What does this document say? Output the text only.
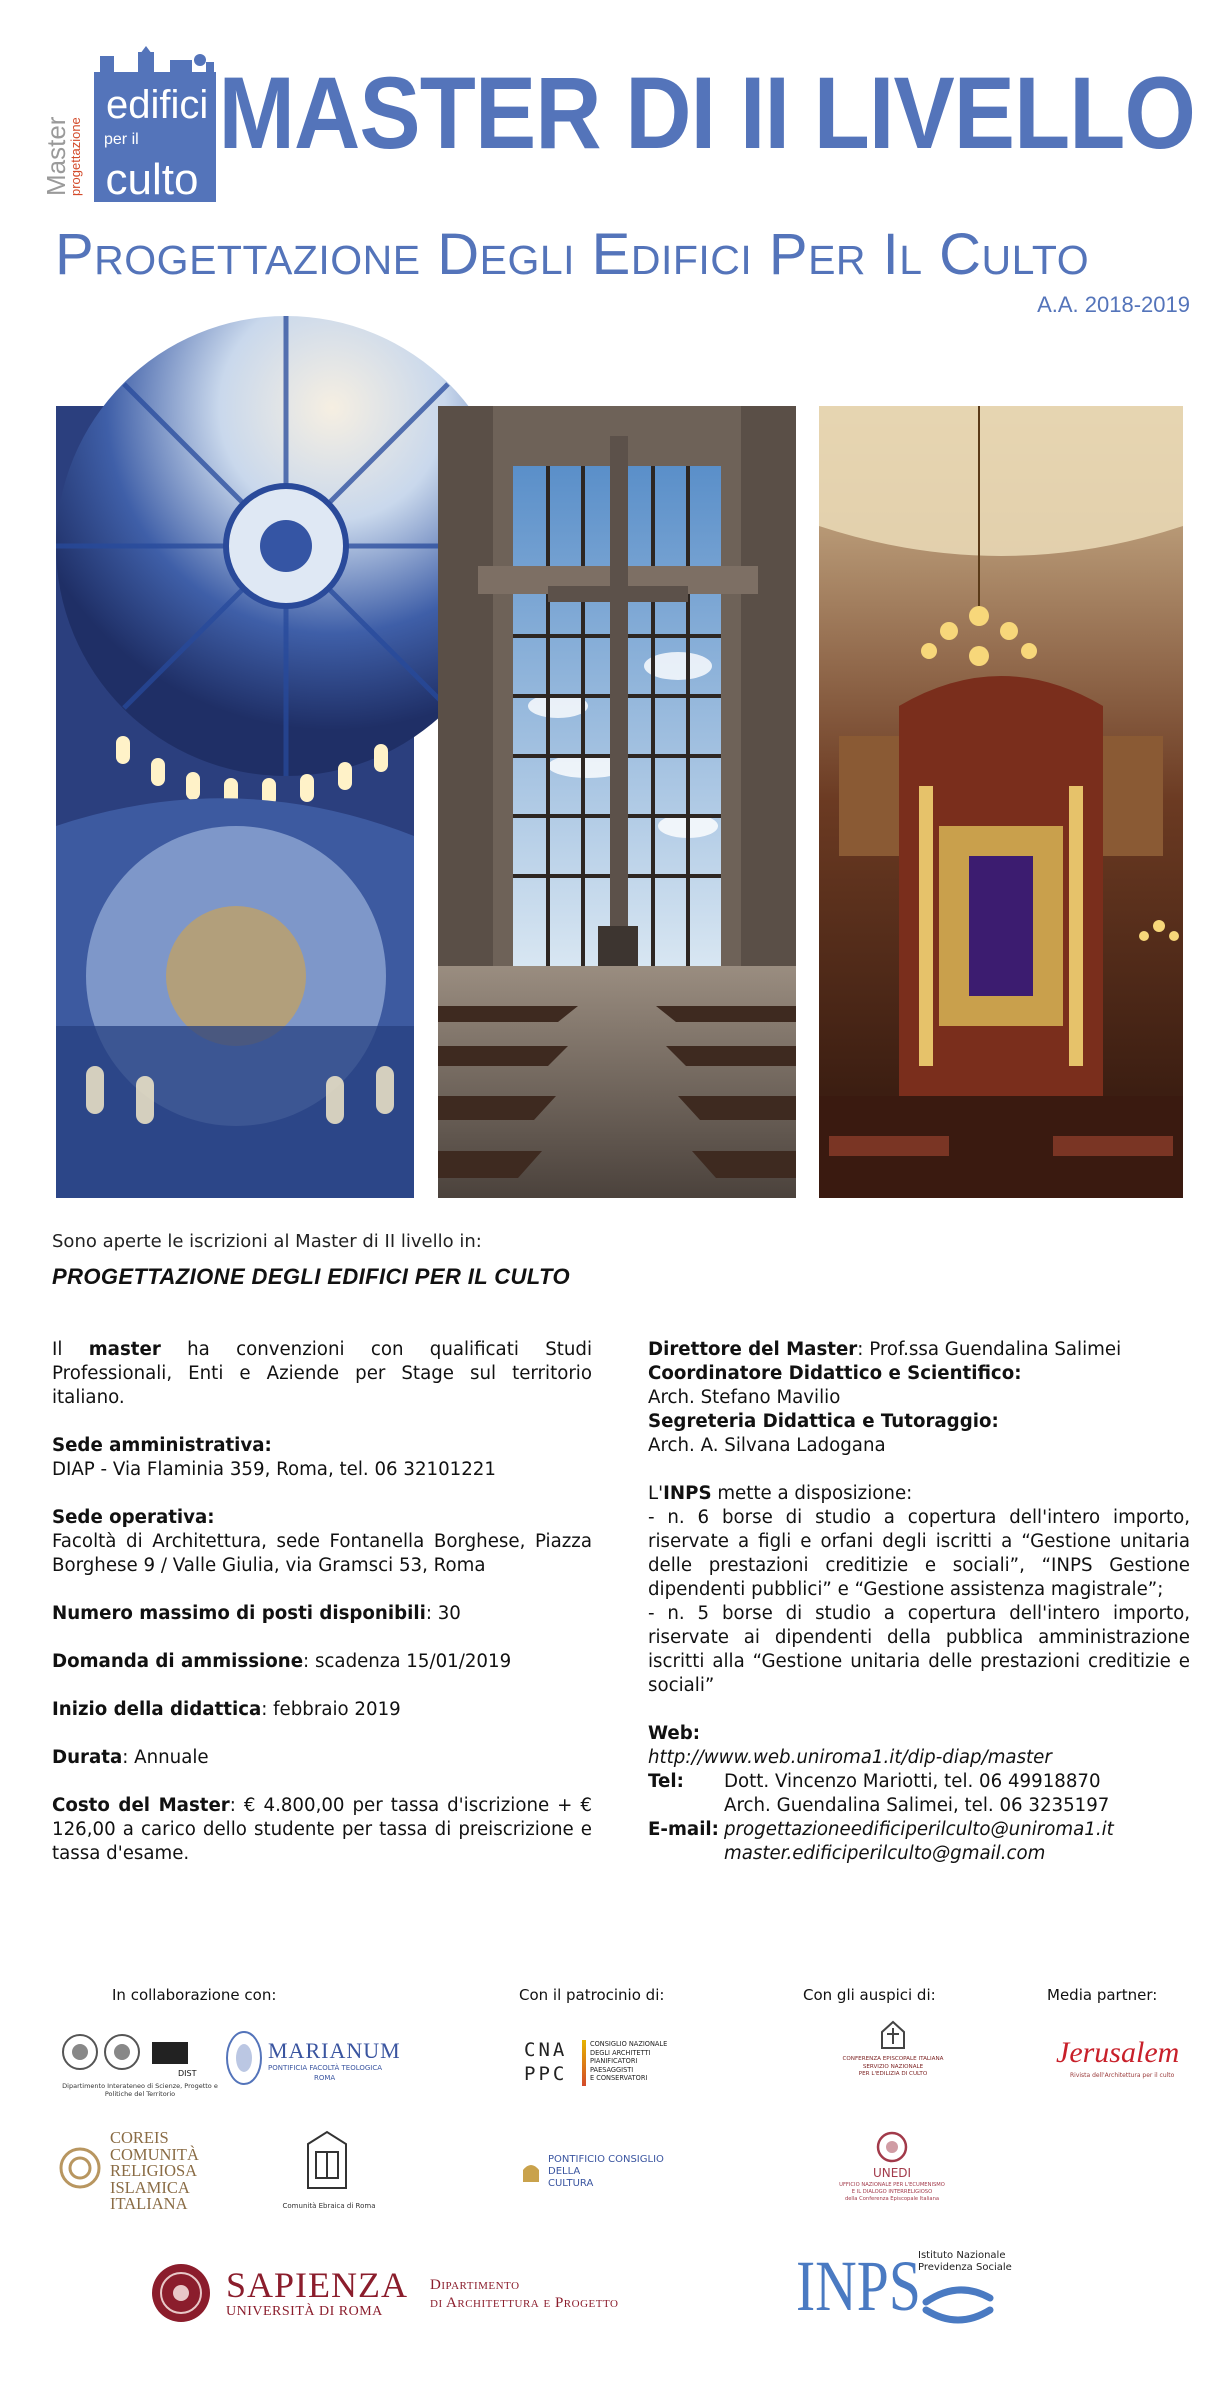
Master
progettazione
edifici
per il
culto
MASTER DI II LIVELLO
Progettazione Degli Edifici Per Il Culto
A.A. 2018-2019
Sono aperte le iscrizioni al Master di II livello in:
PROGETTAZIONE DEGLI EDIFICI PER IL CULTO

Il master ha convenzioni con qualificati Studi Professionali, Enti e Aziende per Stage sul territorio italiano.

Sede amministrativa:
DIAP - Via Flaminia 359, Roma, tel. 06 32101221

Sede operativa:

Facoltà di Architettura, sede Fontanella Borghese, Piazza Borghese 9 / Valle Giulia, via Gramsci 53, Roma

Numero massimo di posti disponibili: 30

Domanda di ammissione: scadenza 15/01/2019

Inizio della didattica: febbraio 2019

Durata: Annuale

Costo del Master: € 4.800,00 per tassa d'iscrizione + € 126,00 a carico dello studente per tassa di preiscrizione e tassa d'esame.

Direttore del Master: Prof.ssa Guendalina Salimei

Coordinatore Didattico e Scientifico:
Arch. Stefano Mavilio

Segreteria Didattica e Tutoraggio:
Arch. A. Silvana Ladogana

L'INPS mette a disposizione:

- n. 6 borse di studio a copertura dell'intero importo, riservate a figli e orfani degli iscritti a “Gestione unitaria delle prestazioni creditizie e sociali”, “INPS Gestione dipendenti pubblici” e “Gestione assistenza magistrale”;

- n. 5 borse di studio a copertura dell'intero importo, riservate ai dipendenti della pubblica amministrazione iscritti alla “Gestione unitaria delle prestazioni creditizie e sociali”

Web:

http://www.web.uniroma1.it/dip-diap/master

Tel:	Dott. Vincenzo Mariotti, tel. 06 49918870
Arch. Guendalina Salimei, tel. 06 3235197
E-mail: progettazioneedificiperilculto@uniroma1.it
master.edificiperilculto@gmail.com
In collaborazione con:	Con il patrocinio di:	Con gli auspici di:	Media partner:
DIST
Dipartimento Interateneo di Scienze, Progetto e Politiche del Territorio
MARIANUM
PONTIFICIA FACOLTÀ TEOLOGICA
ROMA
CNA
PPC
CONSIGLIO NAZIONALE
DEGLI ARCHITETTI
PIANIFICATORI
PAESAGGISTI
E CONSERVATORI
CONFERENZA EPISCOPALE ITALIANA
SERVIZIO NAZIONALE
PER L'EDILIZIA DI CULTO
Jerusalem
Rivista dell'Architettura per il culto
COREIS
COMUNITÀ
RELIGIOSA
ISLAMICA
ITALIANA	Comunità Ebraica di Roma
PONTIFICIO CONSIGLIO
DELLA
CULTURA
UNEDI
UFFICIO NAZIONALE PER L'ECUMENISMO
E IL DIALOGO INTERRELIGIOSO
della Conferenza Episcopale Italiana
SAPIENZA
UNIVERSITÀ DI ROMA
Dipartimento
di Architettura e Progetto	INPS
Istituto Nazionale
Previdenza Sociale
